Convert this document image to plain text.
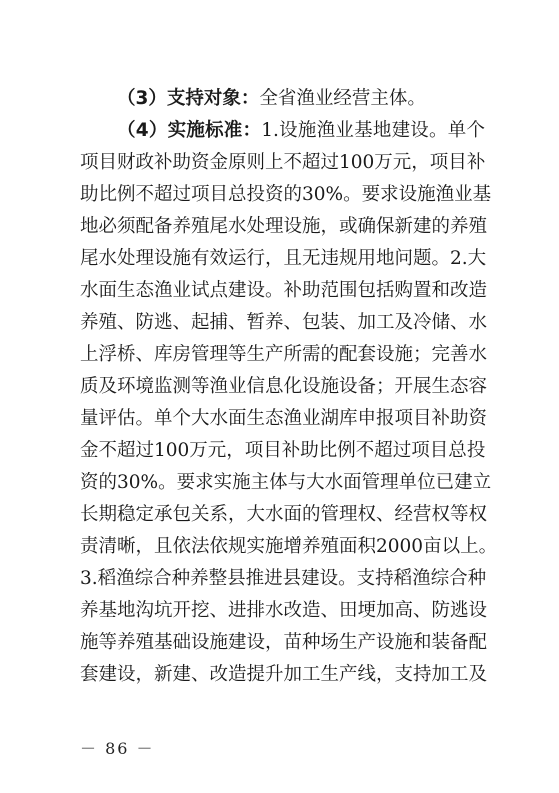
（3）支持对象：全省渔业经营主体。
（4）实施标准：1.设施渔业基地建设。单个
项目财政补助资金原则上不超过100万元，项目补
助比例不超过项目总投资的30%。要求设施渔业基
地必须配备养殖尾水处理设施，或确保新建的养殖
尾水处理设施有效运行，且无违规用地问题。2.大
水面生态渔业试点建设。补助范围包括购置和改造
养殖、防逃、起捕、暂养、包装、加工及冷储、水
上浮桥、库房管理等生产所需的配套设施；完善水
质及环境监测等渔业信息化设施设备；开展生态容
量评估。单个大水面生态渔业湖库申报项目补助资
金不超过100万元，项目补助比例不超过项目总投
资的30%。要求实施主体与大水面管理单位已建立
长期稳定承包关系，大水面的管理权、经营权等权
责清晰，且依法依规实施增养殖面积2000亩以上。
3.稻渔综合种养整县推进县建设。支持稻渔综合种
养基地沟坑开挖、进排水改造、田埂加高、防逃设
施等养殖基础设施建设，苗种场生产设施和装备配
套建设，新建、改造提升加工生产线，支持加工及
－ 86 －
